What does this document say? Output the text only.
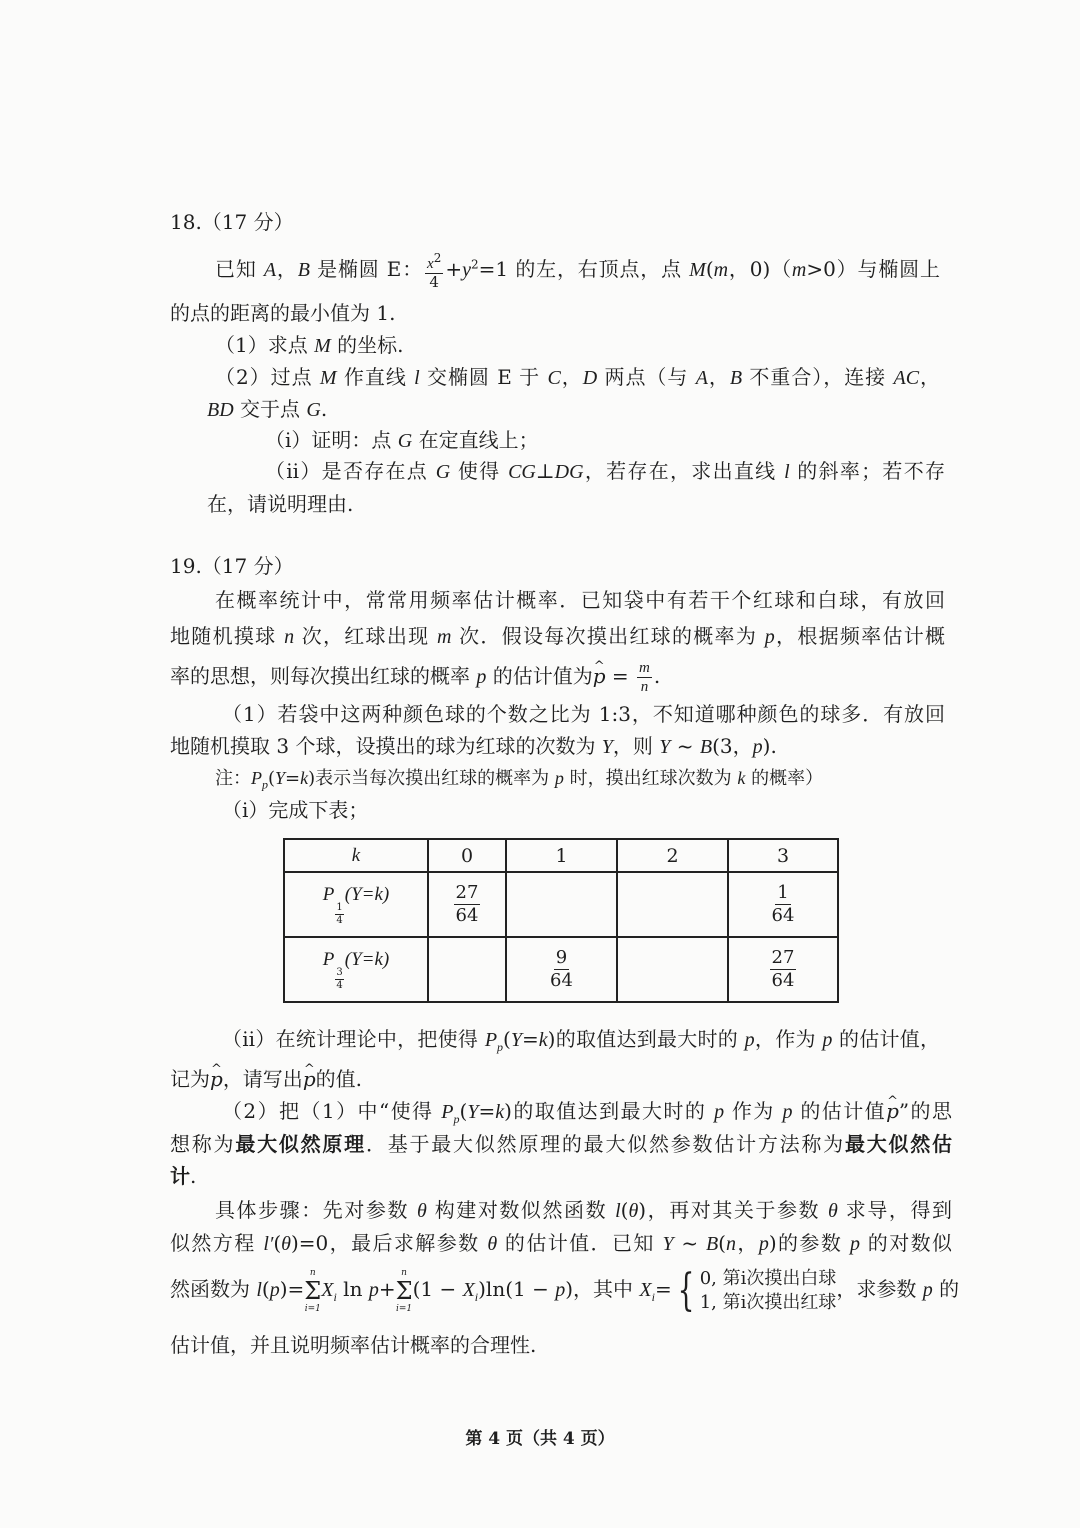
18.（17 分）
已知 A，B 是椭圆 E： $\frac{x^2}{4} +y^2=1$ 的左，右顶点，点 M(m，0)（m>0）与椭圆上
的点的距离的最小值为 1.
（1）求点 M 的坐标.
（2）过点 M 作直线 l 交椭圆 E 于 C，D 两点（与 A，B 不重合），连接 AC，
BD 交于点 G.
（i）证明：点 G 在定直线上；
（ii）是否存在点 G 使得 CG⊥DG，若存在，求出直线 l 的斜率；若不存
在，请说明理由.
19.（17 分）
在概率统计中，常常用频率估计概率．已知袋中有若干个红球和白球，有放回
地随机摸球 n 次，红球出现 m 次．假设每次摸出红球的概率为 p，根据频率估计概
率的思想，则每次摸出红球的概率 p 的估计值为^ $p = \frac{m}{n}$ .
（1）若袋中这两种颜色球的个数之比为 1:3，不知道哪种颜色的球多．有放回
地随机摸取 3 个球，设摸出的球为红球的次数为 Y，则 Y ~ B(3，p).
注：$P_p(Y=k)$表示当每次摸出红球的概率为 p 时，摸出红球次数为 k 的概率）
（i）完成下表；
k	0	1	2	3
P
$\frac{1}{4}$
(Y=k)	$\frac{27}{64}$			$\frac{1}{64}$

P
$\frac{3}{4}$
(Y=k)		$\frac{9}{64}$		$\frac{27}{64}$
（ii）在统计理论中，把使得 $P_p(Y=k)$的取值达到最大时的 p，作为 p 的估计值，
记为^ p，请写出^ p的值.
（2）把（1）中“使得 $P_p(Y=k)$的取值达到最大时的 p 作为 p 的估计值^ p”的思
想称为最大似然原理．基于最大似然原理的最大似然参数估计方法称为最大似然估
计.
具体步骤：先对参数 θ 构建对数似然函数 l(θ)，再对其关于参数 θ 求导，得到
似然方程 l′(θ)=0，最后求解参数 θ 的估计值．已知 Y ~ B(n，p)的参数 p 的对数似
然函数为 l(p)=
n
Σ
i=1
$X_i$ ln p+
n
Σ
i=1
$(1 - X_i)\ln(1 - p)$，其中 $X_i=$ { 0, 第i次摸出白球
1, 第i次摸出红球
，求参数 p 的
估计值，并且说明频率估计概率的合理性.
第 4 页（共 4 页）
